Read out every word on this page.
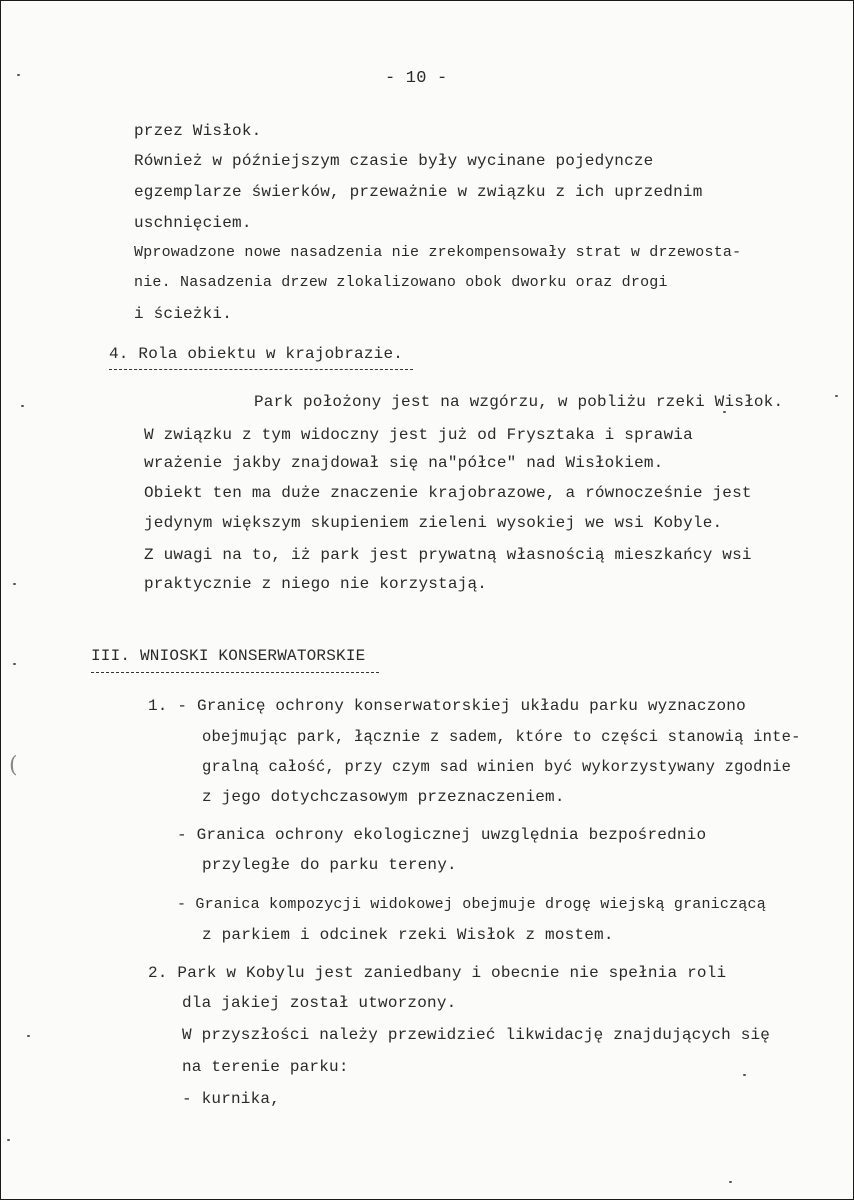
- 10 -
przez Wisłok.
Również w późniejszym czasie były wycinane pojedyncze
egzemplarze świerków, przeważnie w związku z ich uprzednim
uschnięciem.
Wprowadzone nowe nasadzenia nie zrekompensowały strat w drzewosta-
nie. Nasadzenia drzew zlokalizowano obok dworku oraz drogi
i ścieżki.
4. Rola obiektu w krajobrazie.
Park położony jest na wzgórzu, w pobliżu rzeki Wisłok.
W związku z tym widoczny jest już od Frysztaka i sprawia
wrażenie jakby znajdował się na"półce" nad Wisłokiem.
Obiekt ten ma duże znaczenie krajobrazowe, a równocześnie jest
jedynym większym skupieniem zieleni wysokiej we wsi Kobyle.
Z uwagi na to, iż park jest prywatną własnością mieszkańcy wsi
praktycznie z niego nie korzystają.
III. WNIOSKI KONSERWATORSKIE
1. - Granicę ochrony konserwatorskiej układu parku wyznaczono
obejmując park, łącznie z sadem, które to części stanowią inte-
gralną całość, przy czym sad winien być wykorzystywany zgodnie
z jego dotychczasowym przeznaczeniem.
- Granica ochrony ekologicznej uwzględnia bezpośrednio
przyległe do parku tereny.
- Granica kompozycji widokowej obejmuje drogę wiejską graniczącą
z parkiem i odcinek rzeki Wisłok z mostem.
2. Park w Kobylu jest zaniedbany i obecnie nie spełnia roli
dla jakiej został utworzony.
W przyszłości należy przewidzieć likwidację znajdujących się
na terenie parku:
- kurnika,
(
